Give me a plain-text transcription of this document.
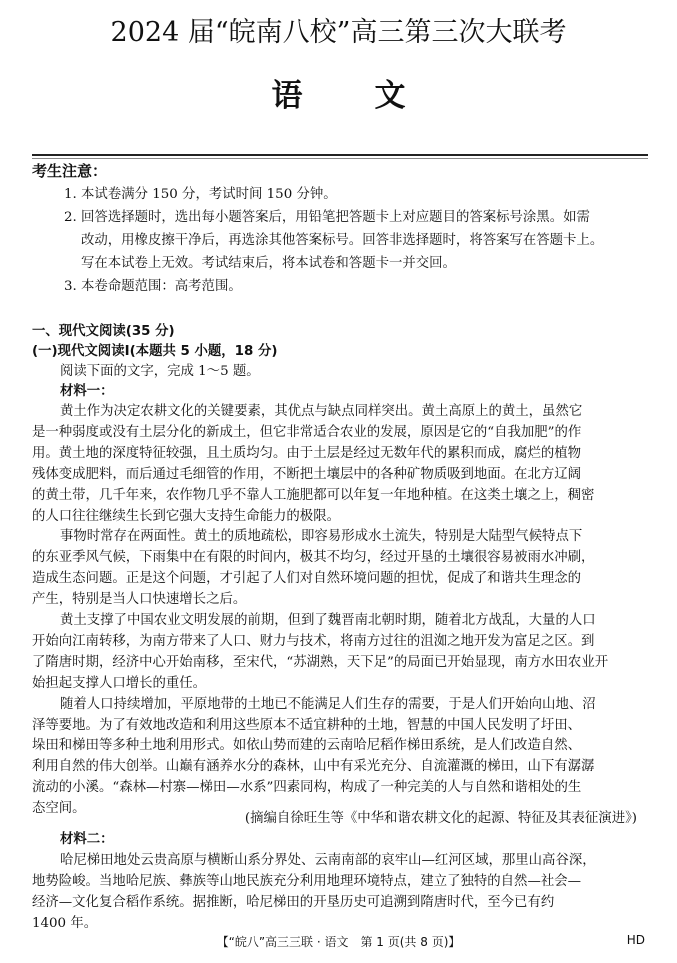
2024 届“皖南八校”高三第三次大联考
语文
考生注意：
1. 本试卷满分 150 分，考试时间 150 分钟。
2. 回答选择题时，选出每小题答案后，用铅笔把答题卡上对应题目的答案标号涂黑。如需
改动，用橡皮擦干净后，再选涂其他答案标号。回答非选择题时，将答案写在答题卡上。
写在本试卷上无效。考试结束后，将本试卷和答题卡一并交回。
3. 本卷命题范围：高考范围。
一、现代文阅读(35 分)
(一)现代文阅读Ⅰ(本题共 5 小题，18 分)
阅读下面的文字，完成 1～5 题。
材料一：
黄土作为决定农耕文化的关键要素，其优点与缺点同样突出。黄土高原上的黄土，虽然它
是一种弱度或没有土层分化的新成土，但它非常适合农业的发展，原因是它的“自我加肥”的作
用。黄土地的深度特征较强，且土质均匀。由于土层是经过无数年代的累积而成，腐烂的植物
残体变成肥料，而后通过毛细管的作用，不断把土壤层中的各种矿物质吸到地面。在北方辽阔
的黄土带，几千年来，农作物几乎不靠人工施肥都可以年复一年地种植。在这类土壤之上，稠密
的人口往往继续生长到它强大支持生命能力的极限。
事物时常存在两面性。黄土的质地疏松，即容易形成水土流失，特别是大陆型气候特点下
的东亚季风气候，下雨集中在有限的时间内，极其不均匀，经过开垦的土壤很容易被雨水冲刷，
造成生态问题。正是这个问题，才引起了人们对自然环境问题的担忧，促成了和谐共生理念的
产生，特别是当人口快速增长之后。
黄土支撑了中国农业文明发展的前期，但到了魏晋南北朝时期，随着北方战乱，大量的人口
开始向江南转移，为南方带来了人口、财力与技术，将南方过往的沮洳之地开发为富足之区。到
了隋唐时期，经济中心开始南移，至宋代，“苏湖熟，天下足”的局面已开始显现，南方水田农业开
始担起支撑人口增长的重任。
随着人口持续增加，平原地带的土地已不能满足人们生存的需要，于是人们开始向山地、沼
泽等要地。为了有效地改造和利用这些原本不适宜耕种的土地，智慧的中国人民发明了圩田、
垛田和梯田等多种土地利用形式。如依山势而建的云南哈尼稻作梯田系统，是人们改造自然、
利用自然的伟大创举。山巅有涵养水分的森林，山中有采光充分、自流灌溉的梯田，山下有潺潺
流动的小溪。“森林—村寨—梯田—水系”四素同构，构成了一种完美的人与自然和谐相处的生
态空间。
(摘编自徐旺生等《中华和谐农耕文化的起源、特征及其表征演进》)
材料二：
哈尼梯田地处云贵高原与横断山系分界处、云南南部的哀牢山—红河区域，那里山高谷深，
【“皖八”高三三联 · 语文　第 1 页(共 8 页)】	HD
地势险峻。当地哈尼族、彝族等山地民族充分利用地理环境特点，建立了独特的自然—社会—
经济—文化复合稻作系统。据推断，哈尼梯田的开垦历史可追溯到隋唐时代，至今已有约
1400 年。
